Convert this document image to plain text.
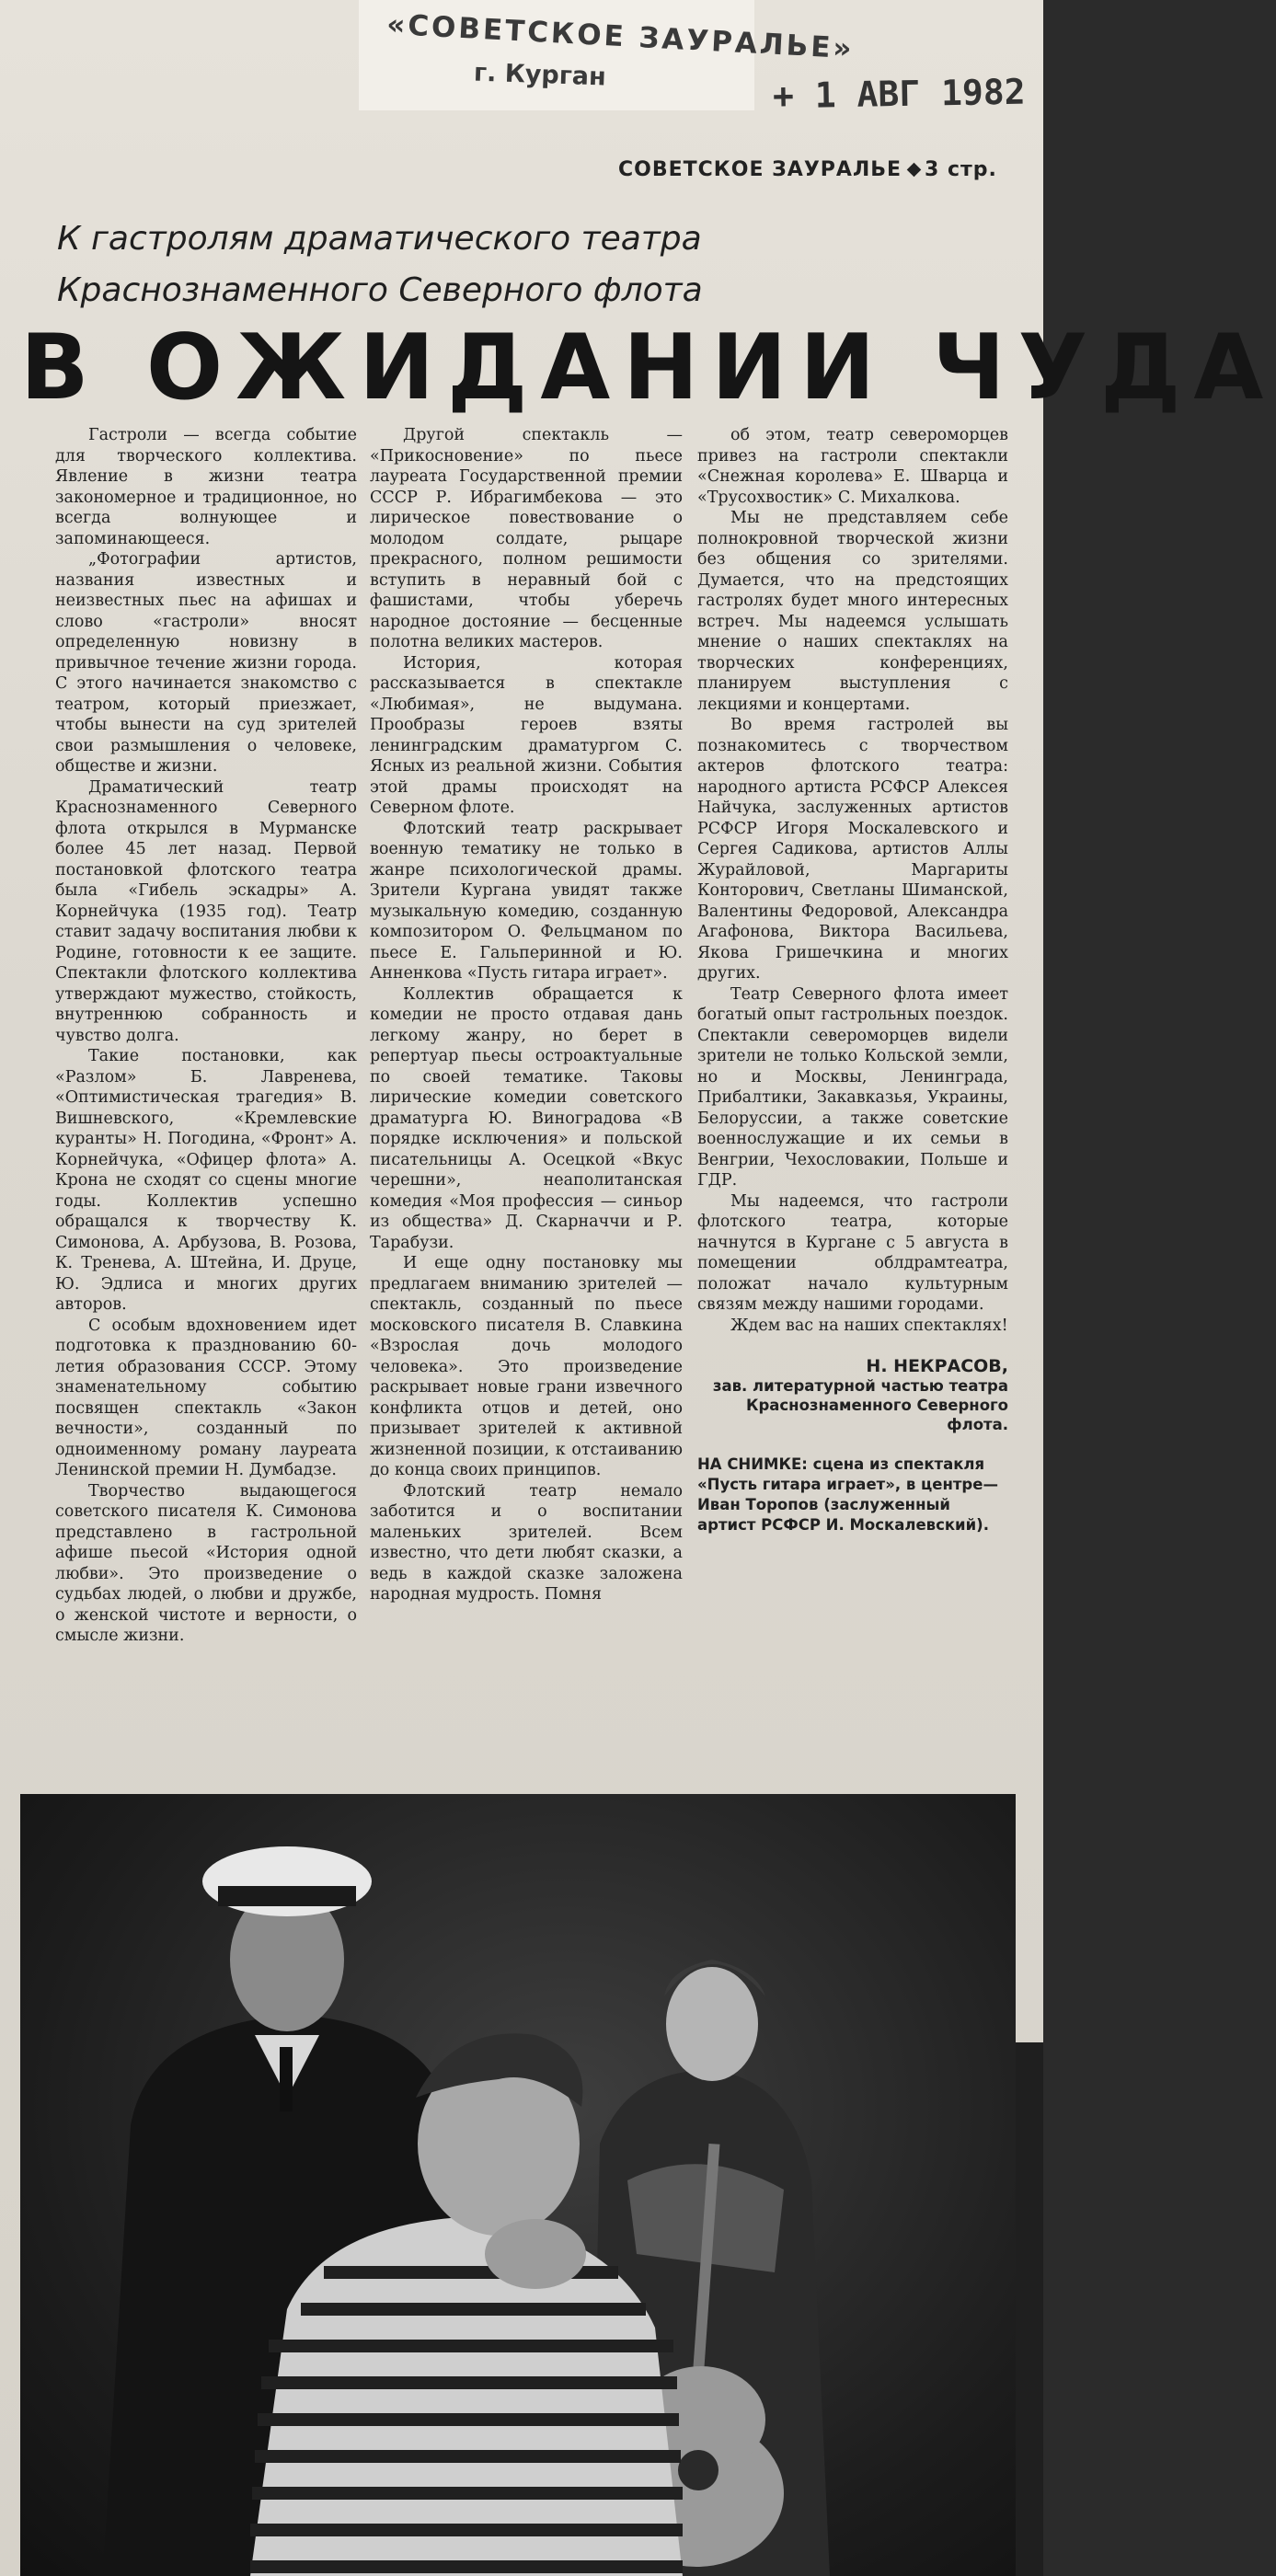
«СОВЕТСКОЕ ЗАУРАЛЬЕ»
г. Курган	+ 1 АВГ 1982
СОВЕТСКОЕ ЗАУРАЛЬЕ 3 стр.
К гастролям драматического театра
Краснознаменного Северного флота
В ОЖИДАНИИ ЧУДА

Гастроли — всегда событие для творческого коллектива. Явление в жизни театра закономерное и традиционное, но всегда волнующее и запоминающееся.

„Фотографии артистов, названия известных и неизвестных пьес на афишах и слово «гастроли» вносят определенную новизну в привычное течение жизни города. С этого начинается знакомство с театром, который приезжает, чтобы вынести на суд зрителей свои размышления о человеке, обществе и жизни.

Драматический театр Краснознаменного Северного флота открылся в Мурманске более 45 лет назад. Первой постановкой флотского театра была «Гибель эскадры» А. Корнейчука (1935 год). Театр ставит задачу воспитания любви к Родине, готовности к ее защите. Спектакли флотского коллектива утверждают мужество, стойкость, внутреннюю собранность и чувство долга.

Такие постановки, как «Разлом» Б. Лавренева, «Оптимистическая трагедия» В. Вишневского, «Кремлевские куранты» Н. Погодина, «Фронт» А. Корнейчука, «Офицер флота» А. Крона не сходят со сцены многие годы. Коллектив успешно обращался к творчеству К. Симонова, А. Арбузова, В. Розова, К. Тренева, А. Штейна, И. Друце, Ю. Эдлиса и многих других авторов.

С особым вдохновением идет подготовка к празднованию 60-летия образования СССР. Этому знаменательному событию посвящен спектакль «Закон вечности», созданный по одноименному роману лауреата Ленинской премии Н. Думбадзе.

Творчество выдающегося советского писателя К. Симонова представлено в гастрольной афише пьесой «История одной любви». Это произведение о судьбах людей, о любви и дружбе, о женской чистоте и верности, о смысле жизни.

Другой спектакль — «Прикосновение» по пьесе лауреата Государственной премии СССР Р. Ибрагимбекова — это лирическое повествование о молодом солдате, рыцаре прекрасного, полном решимости вступить в неравный бой с фашистами, чтобы уберечь народное достояние — бесценные полотна великих мастеров.

История, которая рассказывается в спектакле «Любимая», не выдумана. Прообразы героев взяты ленинградским драматургом С. Ясных из реальной жизни. События этой драмы происходят на Северном флоте.

Флотский театр раскрывает военную тематику не только в жанре психологической драмы. Зрители Кургана увидят также музыкальную комедию, созданную композитором О. Фельцманом по пьесе Е. Гальперинной и Ю. Аннeнкова «Пусть гитара играет».

Коллектив обращается к комедии не просто отдавая дань легкому жанру, но берет в репертуар пьесы остроактуальные по своей тематике. Таковы лирические комедии советского драматурга Ю. Виноградова «В порядке исключения» и польской писательницы А. Осецкой «Вкус черешни», неаполитанская комедия «Моя профессия — синьор из общества» Д. Скарначчи и Р. Тарабузи.

И еще одну постановку мы предлагаем вниманию зрителей — спектакль, созданный по пьесе московского писателя В. Славкина «Взрослая дочь молодого человека». Это произведение раскрывает новые грани извечного конфликта отцов и детей, оно призывает зрителей к активной жизненной позиции, к отстаиванию до конца своих принципов.

Флотский театр немало заботится и о воспитании маленьких зрителей. Всем известно, что дети любят сказки, а ведь в каждой сказке заложена народная мудрость. Помня

об этом, театр североморцев привез на гастроли спектакли «Снежная королева» Е. Шварца и «Трусохвостик» С. Михалкова.

Мы не представляем себе полнокровной творческой жизни без общения со зрителями. Думается, что на предстоящих гастролях будет много интересных встреч. Мы надеемся услышать мнение о наших спектаклях на творческих конференциях, планируем выступления с лекциями и концертами.

Во время гастролей вы познакомитесь с творчеством актеров флотского театра: народного артиста РСФСР Алексея Найчука, заслуженных артистов РСФСР Игоря Москалевского и Сергея Садикова, артистов Аллы Журайловой, Маргариты Конторович, Светланы Шиманской, Валентины Федоровой, Александра Агафонова, Виктора Васильева, Якова Гришечкина и многих других.

Театр Северного флота имеет богатый опыт гастрольных поездок. Спектакли североморцев видели зрители не только Кольской земли, но и Москвы, Ленинграда, Прибалтики, Закавказья, Украины, Белоруссии, а также советские военнослужащие и их семьи в Венгрии, Чехословакии, Польше и ГДР.

Мы надеемся, что гастроли флотского театра, которые начнутся в Кургане с 5 августа в помещении облдрамтеатра, положат начало культурным связям между нашими городами.

Ждем вас на наших спектаклях!

Н. НЕКРАСОВ,
зав. литературной частью театра Краснознаменного Северного флота.
НА СНИМКЕ: сцена из спектакля «Пусть гитара играет», в центре— Иван Торопов (заслуженный артист РСФСР И. Москалевский).
